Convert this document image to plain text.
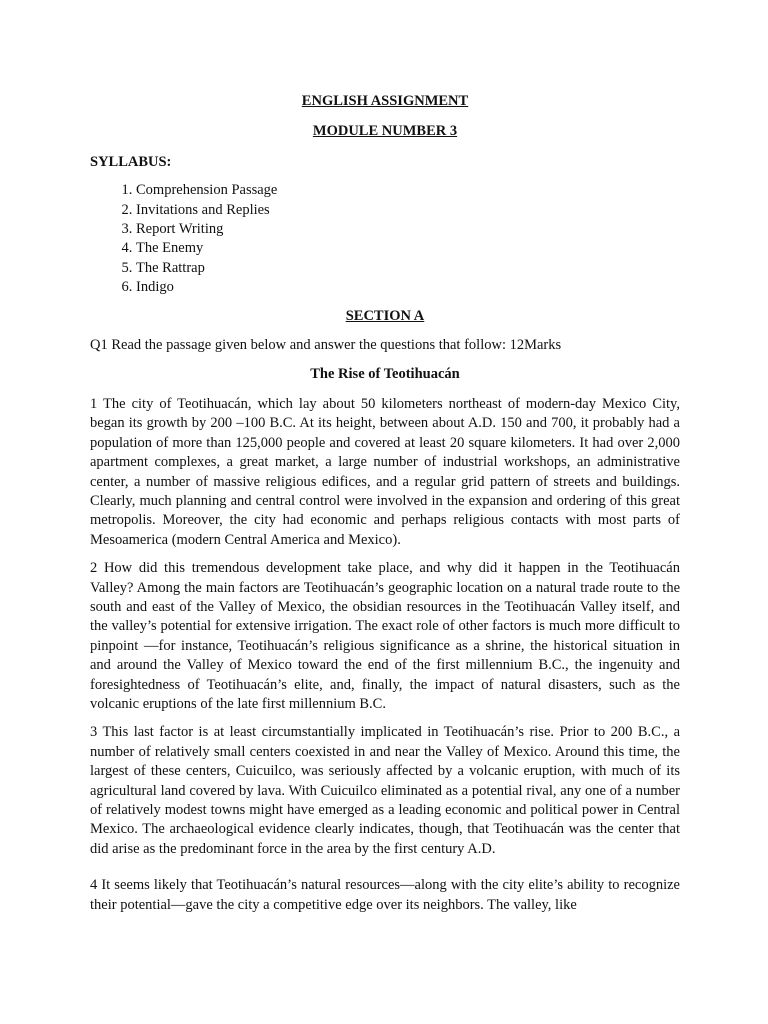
ENGLISH ASSIGNMENT
MODULE NUMBER 3
SYLLABUS:
1. Comprehension Passage
2. Invitations and Replies
3. Report Writing
4. The Enemy
5. The Rattrap
6. Indigo
SECTION A
Q1 Read the passage given below and answer the questions that follow: 12Marks
The Rise of Teotihuacán

1 The city of Teotihuacán, which lay about 50 kilometers northeast of modern-day Mexico City, began its growth by 200 –100 B.C. At its height, between about A.D. 150 and 700, it probably had a population of more than 125,000 people and covered at least 20 square kilometers. It had over 2,000 apartment complexes, a great market, a large number of industrial workshops, an administrative center, a number of massive religious edifices, and a regular grid pattern of streets and buildings. Clearly, much planning and central control were involved in the expansion and ordering of this great metropolis. Moreover, the city had economic and perhaps religious contacts with most parts of Mesoamerica (modern Central America and Mexico).

2 How did this tremendous development take place, and why did it happen in the Teotihuacán Valley? Among the main factors are Teotihuacán’s geographic location on a natural trade route to the south and east of the Valley of Mexico, the obsidian resources in the Teotihuacán Valley itself, and the valley’s potential for extensive irrigation. The exact role of other factors is much more difficult to pinpoint —for instance, Teotihuacán’s religious significance as a shrine, the historical situation in and around the Valley of Mexico toward the end of the first millennium B.C., the ingenuity and foresightedness of Teotihuacán’s elite, and, finally, the impact of natural disasters, such as the volcanic eruptions of the late first millennium B.C.

3 This last factor is at least circumstantially implicated in Teotihuacán’s rise. Prior to 200 B.C., a number of relatively small centers coexisted in and near the Valley of Mexico. Around this time, the largest of these centers, Cuicuilco, was seriously affected by a volcanic eruption, with much of its agricultural land covered by lava. With Cuicuilco eliminated as a potential rival, any one of a number of relatively modest towns might have emerged as a leading economic and political power in Central Mexico. The archaeological evidence clearly indicates, though, that Teotihuacán was the center that did arise as the predominant force in the area by the first century A.D.

4 It seems likely that Teotihuacán’s natural resources—along with the city elite’s ability to recognize their potential—gave the city a competitive edge over its neighbors. The valley, like
